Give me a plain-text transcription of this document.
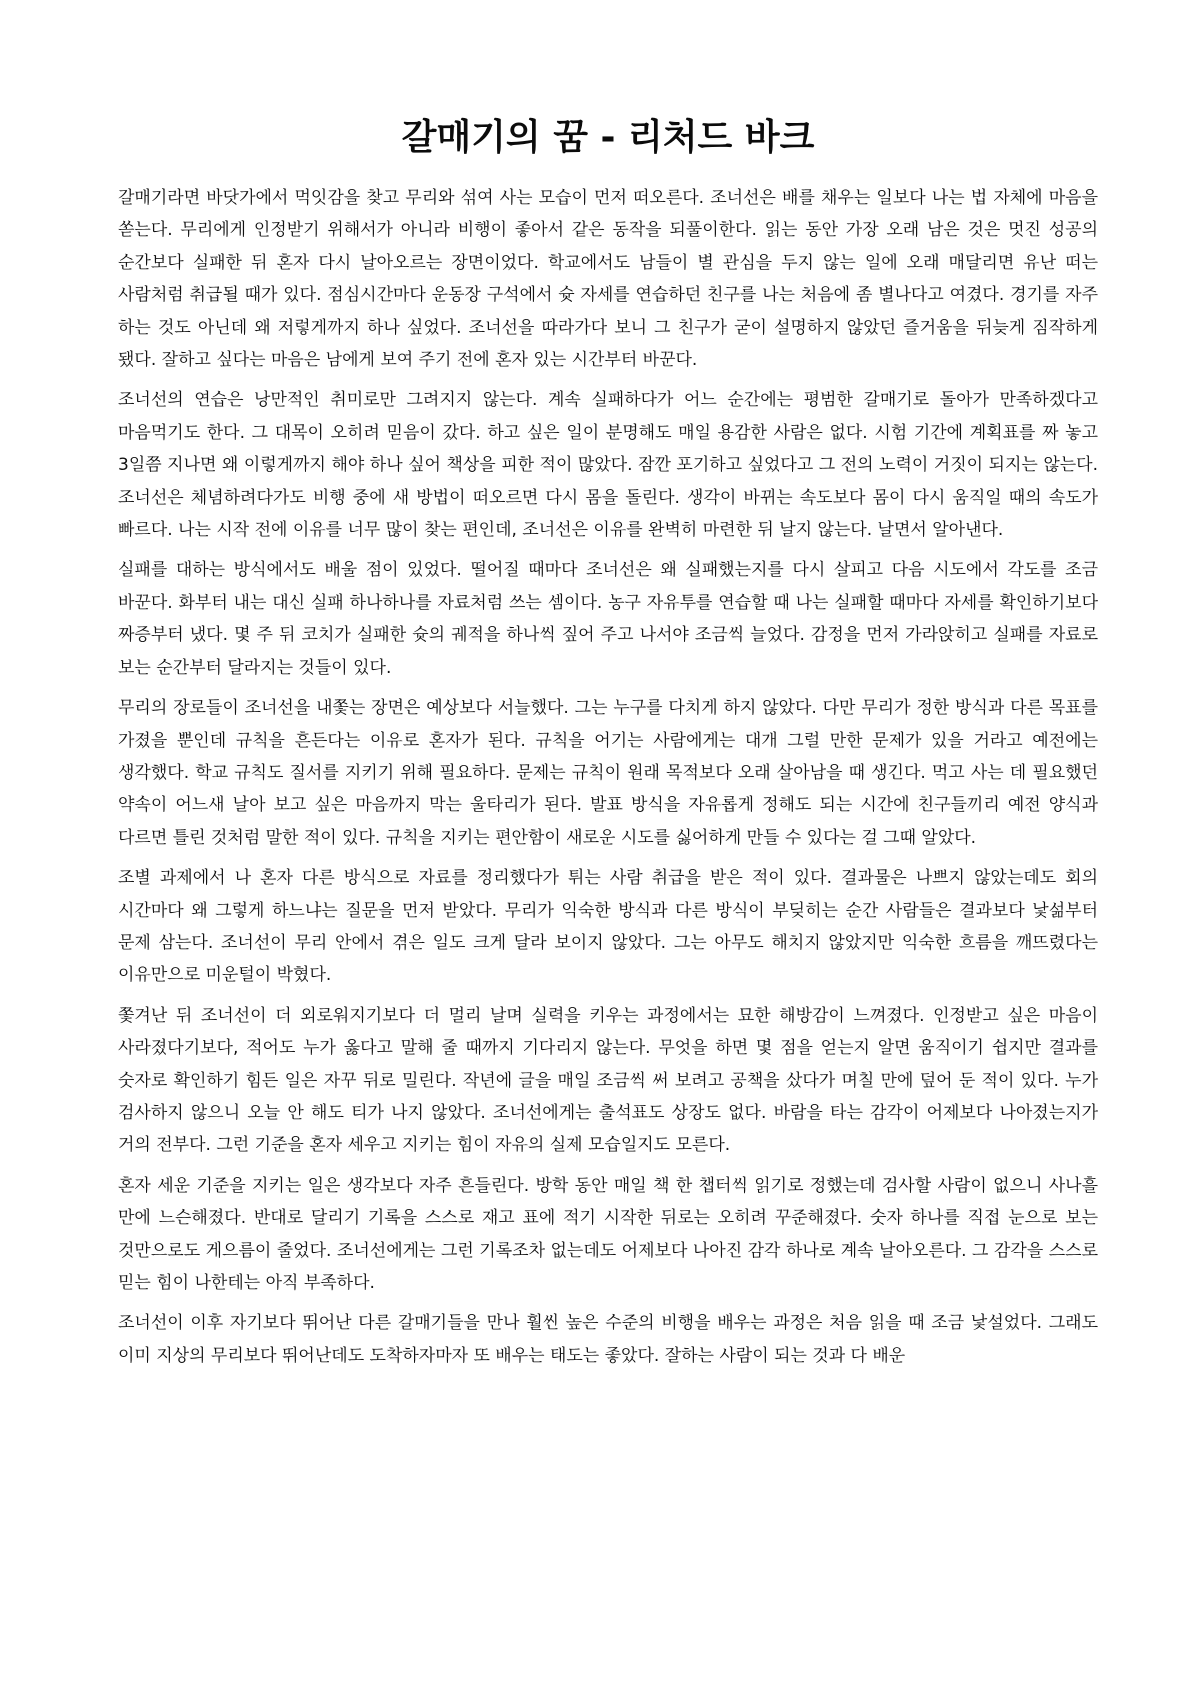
갈매기의 꿈 - 리처드 바크

갈매기라면 바닷가에서 먹잇감을 찾고 무리와 섞여 사는 모습이 먼저 떠오른다. 조너선은 배를 채우는 일보다 나는 법 자체에 마음을 쏟는다. 무리에게 인정받기 위해서가 아니라 비행이 좋아서 같은 동작을 되풀이한다. 읽는 동안 가장 오래 남은 것은 멋진 성공의 순간보다 실패한 뒤 혼자 다시 날아오르는 장면이었다. 학교에서도 남들이 별 관심을 두지 않는 일에 오래 매달리면 유난 떠는 사람처럼 취급될 때가 있다. 점심시간마다 운동장 구석에서 슛 자세를 연습하던 친구를 나는 처음에 좀 별나다고 여겼다. 경기를 자주 하는 것도 아닌데 왜 저렇게까지 하나 싶었다. 조너선을 따라가다 보니 그 친구가 굳이 설명하지 않았던 즐거움을 뒤늦게 짐작하게 됐다. 잘하고 싶다는 마음은 남에게 보여 주기 전에 혼자 있는 시간부터 바꾼다.

조너선의 연습은 낭만적인 취미로만 그려지지 않는다. 계속 실패하다가 어느 순간에는 평범한 갈매기로 돌아가 만족하겠다고 마음먹기도 한다. 그 대목이 오히려 믿음이 갔다. 하고 싶은 일이 분명해도 매일 용감한 사람은 없다. 시험 기간에 계획표를 짜 놓고 3일쯤 지나면 왜 이렇게까지 해야 하나 싶어 책상을 피한 적이 많았다. 잠깐 포기하고 싶었다고 그 전의 노력이 거짓이 되지는 않는다. 조너선은 체념하려다가도 비행 중에 새 방법이 떠오르면 다시 몸을 돌린다. 생각이 바뀌는 속도보다 몸이 다시 움직일 때의 속도가 빠르다. 나는 시작 전에 이유를 너무 많이 찾는 편인데, 조너선은 이유를 완벽히 마련한 뒤 날지 않는다. 날면서 알아낸다.

실패를 대하는 방식에서도 배울 점이 있었다. 떨어질 때마다 조너선은 왜 실패했는지를 다시 살피고 다음 시도에서 각도를 조금 바꾼다. 화부터 내는 대신 실패 하나하나를 자료처럼 쓰는 셈이다. 농구 자유투를 연습할 때 나는 실패할 때마다 자세를 확인하기보다 짜증부터 냈다. 몇 주 뒤 코치가 실패한 슛의 궤적을 하나씩 짚어 주고 나서야 조금씩 늘었다. 감정을 먼저 가라앉히고 실패를 자료로 보는 순간부터 달라지는 것들이 있다.

무리의 장로들이 조너선을 내쫓는 장면은 예상보다 서늘했다. 그는 누구를 다치게 하지 않았다. 다만 무리가 정한 방식과 다른 목표를 가졌을 뿐인데 규칙을 흔든다는 이유로 혼자가 된다. 규칙을 어기는 사람에게는 대개 그럴 만한 문제가 있을 거라고 예전에는 생각했다. 학교 규칙도 질서를 지키기 위해 필요하다. 문제는 규칙이 원래 목적보다 오래 살아남을 때 생긴다. 먹고 사는 데 필요했던 약속이 어느새 날아 보고 싶은 마음까지 막는 울타리가 된다. 발표 방식을 자유롭게 정해도 되는 시간에 친구들끼리 예전 양식과 다르면 틀린 것처럼 말한 적이 있다. 규칙을 지키는 편안함이 새로운 시도를 싫어하게 만들 수 있다는 걸 그때 알았다.

조별 과제에서 나 혼자 다른 방식으로 자료를 정리했다가 튀는 사람 취급을 받은 적이 있다. 결과물은 나쁘지 않았는데도 회의 시간마다 왜 그렇게 하느냐는 질문을 먼저 받았다. 무리가 익숙한 방식과 다른 방식이 부딪히는 순간 사람들은 결과보다 낯섦부터 문제 삼는다. 조너선이 무리 안에서 겪은 일도 크게 달라 보이지 않았다. 그는 아무도 해치지 않았지만 익숙한 흐름을 깨뜨렸다는 이유만으로 미운털이 박혔다.

쫓겨난 뒤 조너선이 더 외로워지기보다 더 멀리 날며 실력을 키우는 과정에서는 묘한 해방감이 느껴졌다. 인정받고 싶은 마음이 사라졌다기보다, 적어도 누가 옳다고 말해 줄 때까지 기다리지 않는다. 무엇을 하면 몇 점을 얻는지 알면 움직이기 쉽지만 결과를 숫자로 확인하기 힘든 일은 자꾸 뒤로 밀린다. 작년에 글을 매일 조금씩 써 보려고 공책을 샀다가 며칠 만에 덮어 둔 적이 있다. 누가 검사하지 않으니 오늘 안 해도 티가 나지 않았다. 조너선에게는 출석표도 상장도 없다. 바람을 타는 감각이 어제보다 나아졌는지가 거의 전부다. 그런 기준을 혼자 세우고 지키는 힘이 자유의 실제 모습일지도 모른다.

혼자 세운 기준을 지키는 일은 생각보다 자주 흔들린다. 방학 동안 매일 책 한 챕터씩 읽기로 정했는데 검사할 사람이 없으니 사나흘 만에 느슨해졌다. 반대로 달리기 기록을 스스로 재고 표에 적기 시작한 뒤로는 오히려 꾸준해졌다. 숫자 하나를 직접 눈으로 보는 것만으로도 게으름이 줄었다. 조너선에게는 그런 기록조차 없는데도 어제보다 나아진 감각 하나로 계속 날아오른다. 그 감각을 스스로 믿는 힘이 나한테는 아직 부족하다.

조너선이 이후 자기보다 뛰어난 다른 갈매기들을 만나 훨씬 높은 수준의 비행을 배우는 과정은 처음 읽을 때 조금 낯설었다. 그래도 이미 지상의 무리보다 뛰어난데도 도착하자마자 또 배우는 태도는 좋았다. 잘하는 사람이 되는 것과 다 배운
